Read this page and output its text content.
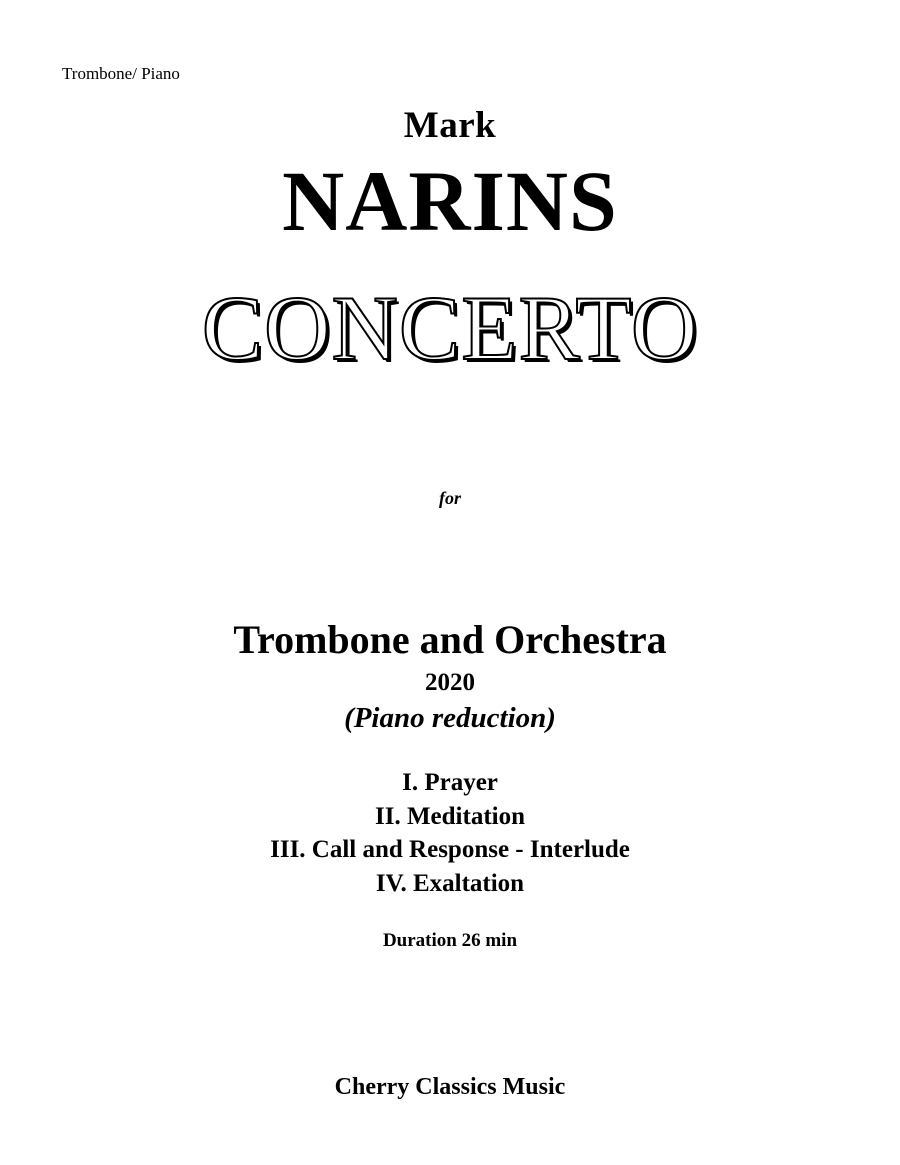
Trombone/ Piano
Mark
NARINS
CONCERTO
for
Trombone and Orchestra
2020
(Piano reduction)
I. Prayer
II. Meditation
III. Call and Response - Interlude
IV. Exaltation
Duration 26 min
Cherry Classics Music
